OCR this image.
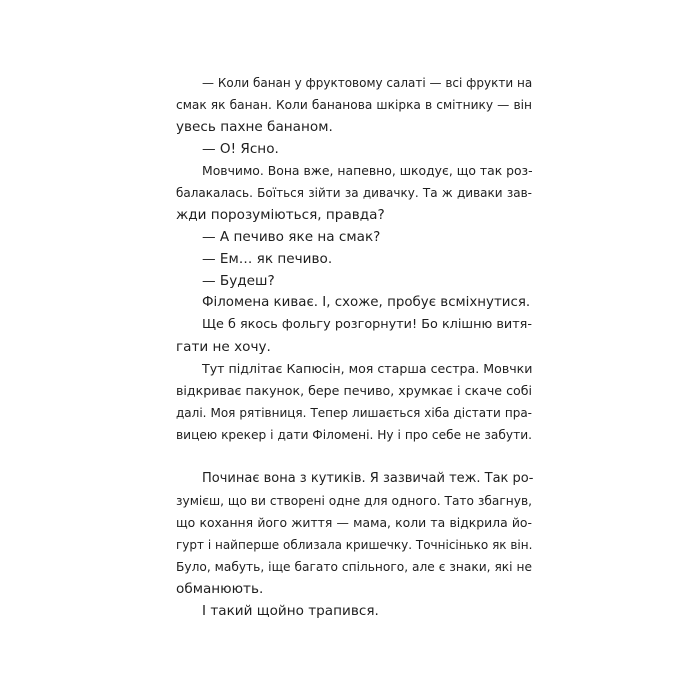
— Коли банан у фруктовому салаті — всі фрукти на
смак як банан. Коли бананова шкірка в смітнику — він
увесь пахне бананом.
— О! Ясно.
Мовчимо. Вона вже, напевно, шкодує, що так роз-
балакалась. Боїться зійти за дивачку. Та ж диваки зав-
жди порозуміються, правда?
— А печиво яке на смак?
— Ем… як печиво.
— Будеш?
Філомена киває. І, схоже, пробує всміхнутися.
Ще б якось фольгу розгорнути! Бо клішню витя-
гати не хочу.
Тут підлітає Капюсін, моя старша сестра. Мовчки
відкриває пакунок, бере печиво, хрумкає і скаче собі
далі. Моя рятівниця. Тепер лишається хіба дістати пра-
вицею крекер і дати Філомені. Ну і про себе не забути.
Починає вона з кутиків. Я зазвичай теж. Так ро-
зумієш, що ви створені одне для одного. Тато збагнув,
що кохання його життя — мама, коли та відкрила йо-
гурт і найперше облизала кришечку. Точнісінько як він.
Було, мабуть, іще багато спільного, але є знаки, які не
обманюють.
І такий щойно трапився.
